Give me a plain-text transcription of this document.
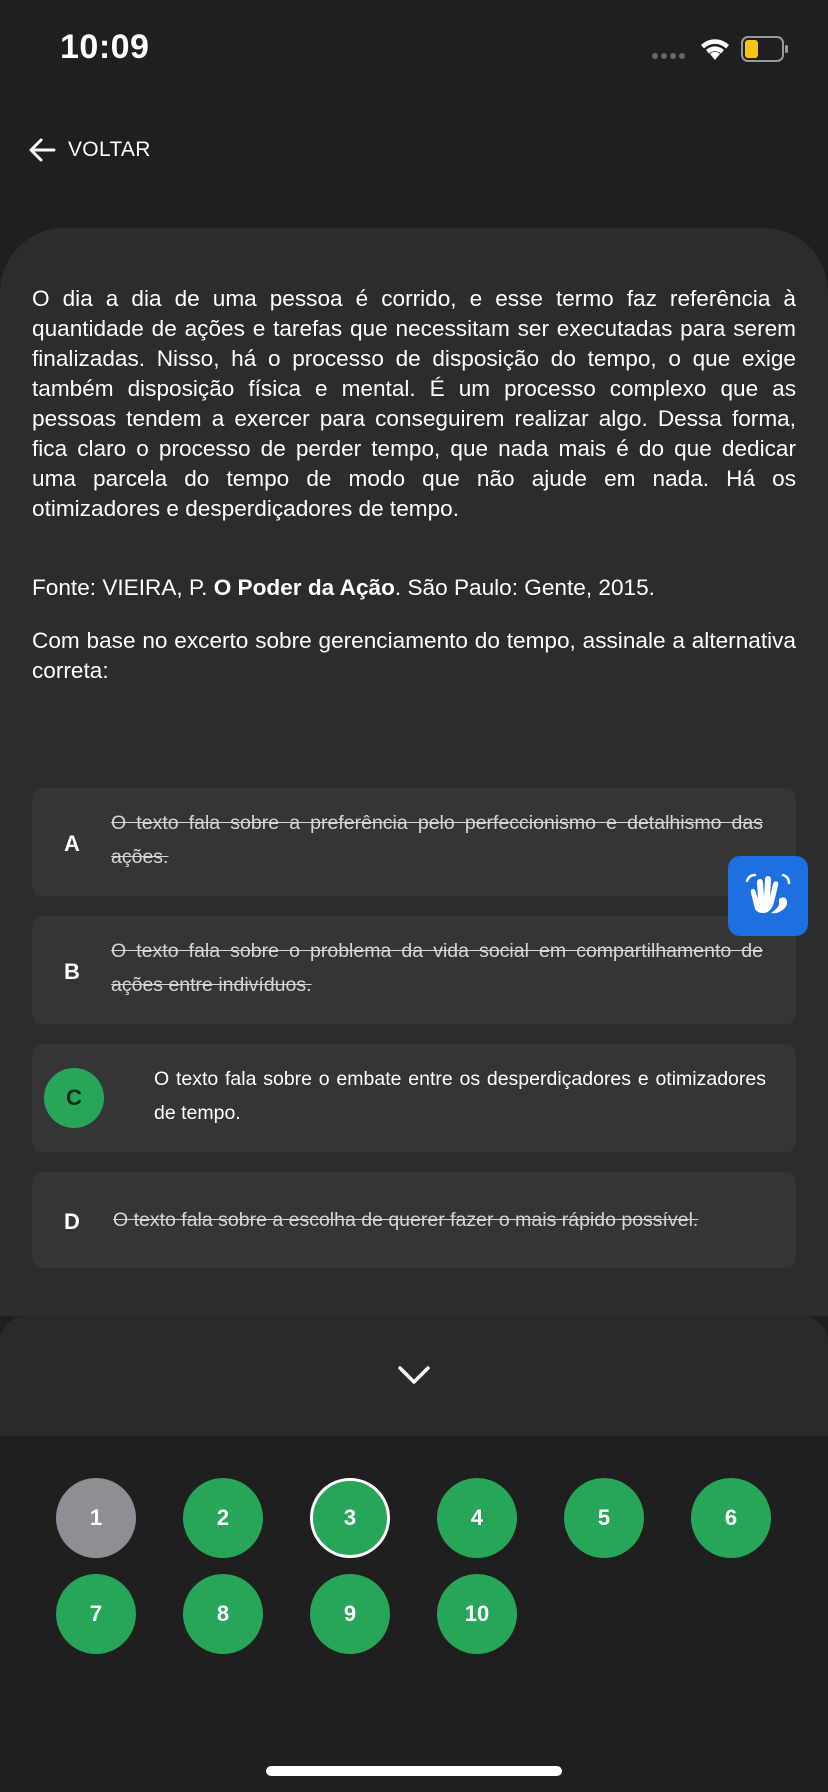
10:09
VOLTAR
O dia a dia de uma pessoa é corrido, e esse termo faz referência à quantidade de ações e tarefas que necessitam ser executadas para serem finalizadas. Nisso, há o processo de disposição do tempo, o que exige também disposição física e mental. É um processo complexo que as pessoas tendem a exercer para conseguirem realizar algo. Dessa forma, fica claro o processo de perder tempo, que nada mais é do que dedicar uma parcela do tempo de modo que não ajude em nada. Há os otimizadores e desperdiçadores de tempo.
Fonte: VIEIRA, P. O Poder da Ação. São Paulo: Gente, 2015.
Com base no excerto sobre gerenciamento do tempo, assinale a alternativa correta:
A
O texto fala sobre a preferência pelo perfeccionismo e detalhismo das ações.
B
O texto fala sobre o problema da vida social em compartilhamento de ações entre indivíduos.
C
O texto fala sobre o embate entre os desperdiçadores e otimizadores de tempo.
D O texto fala sobre a escolha de querer fazer o mais rápido possível.
1	2	3	4	5	6
7	8	9	10
